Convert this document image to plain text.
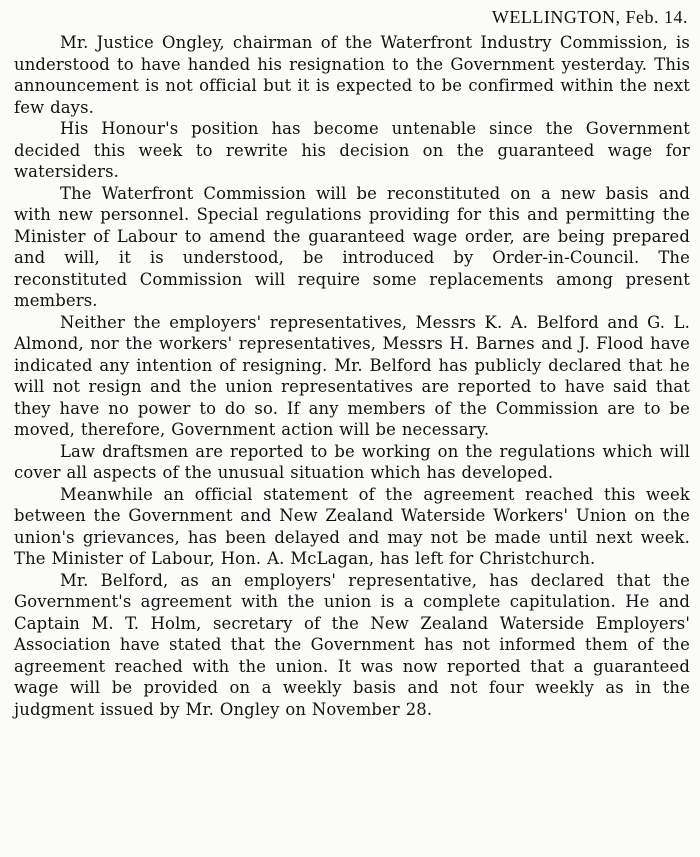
WELLINGTON, Feb. 14.

Mr. Justice Ongley, chairman of the Waterfront Industry Commission, is understood to have handed his resignation to the Government yesterday. This announcement is not official but it is expected to be confirmed within the next few days.

His Honour's position has become untenable since the Government decided this week to rewrite his decision on the guaranteed wage for watersiders.

The Waterfront Commission will be reconstituted on a new basis and with new personnel. Special regulations providing for this and permitting the Minister of Labour to amend the guaranteed wage order, are being prepared and will, it is understood, be introduced by Order-in-Council. The reconstituted Commission will require some replacements among present members.

Neither the employers' representatives, Messrs K. A. Belford and G. L. Almond, nor the workers' representatives, Messrs H. Barnes and J. Flood have indicated any intention of resigning. Mr. Belford has publicly declared that he will not resign and the union representatives are reported to have said that they have no power to do so. If any members of the Commission are to be moved, therefore, Government action will be necessary.

Law draftsmen are reported to be working on the regulations which will cover all aspects of the unusual situation which has developed.

Meanwhile an official statement of the agreement reached this week between the Government and New Zealand Waterside Workers' Union on the union's grievances, has been delayed and may not be made until next week. The Minister of Labour, Hon. A. McLagan, has left for Christchurch.

Mr. Belford, as an employers' representative, has declared that the Government's agreement with the union is a complete capitulation. He and Captain M. T. Holm, secretary of the New Zealand Waterside Employers' Association have stated that the Government has not informed them of the agreement reached with the union. It was now reported that a guaranteed wage will be provided on a weekly basis and not four weekly as in the judgment issued by Mr. Ongley on November 28.
